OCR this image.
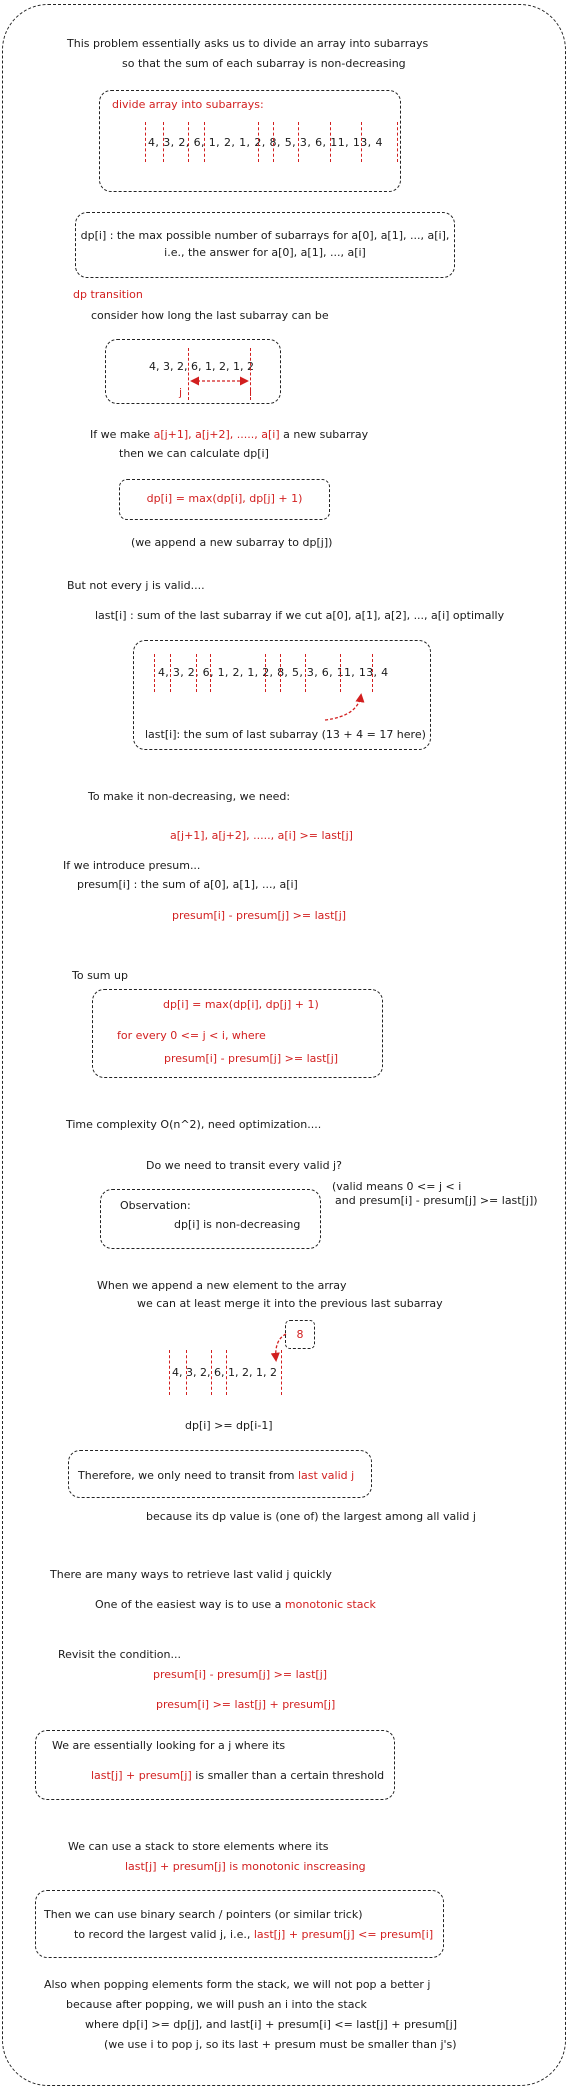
This problem essentially asks us to divide an array into subarrays
so that the sum of each subarray is non-decreasing
divide array into subarrays:
4, 3, 2, 6, 1, 2, 1, 2, 8, 5, 3, 6, 11, 13, 4
dp[i] : the max possible number of subarrays for a[0], a[1], ..., a[i],
i.e., the answer for a[0], a[1], ..., a[i]
dp transition
consider how long the last subarray can be
4, 3, 2, 6, 1, 2, 1, 2
j	i
If we make a[j+1], a[j+2], ....., a[i] a new subarray
then we can calculate dp[i]
dp[i] = max(dp[i], dp[j] + 1)
(we append a new subarray to dp[j])
But not every j is valid....
last[i] : sum of the last subarray if we cut a[0], a[1], a[2], ..., a[i] optimally
4, 3, 2, 6, 1, 2, 1, 2, 8, 5, 3, 6, 11, 13, 4
last[i]: the sum of last subarray (13 + 4 = 17 here)
To make it non-decreasing, we need:
a[j+1], a[j+2], ....., a[i] >= last[j]
If we introduce presum...
presum[i] : the sum of a[0], a[1], ..., a[i]
presum[i] - presum[j] >= last[j]
To sum up
dp[i] = max(dp[i], dp[j] + 1)
for every 0 <= j < i, where
presum[i] - presum[j] >= last[j]
Time complexity O(n^2), need optimization....
Do we need to transit every valid j?
(valid means 0 <= j < i
and presum[i] - presum[j] >= last[j])
Observation:
dp[i] is non-decreasing
When we append a new element to the array
we can at least merge it into the previous last subarray
8
4, 3, 2, 6, 1, 2, 1, 2
dp[i] >= dp[i-1]
Therefore, we only need to transit from last valid j
because its dp value is (one of) the largest among all valid j
There are many ways to retrieve last valid j quickly
One of the easiest way is to use a monotonic stack
Revisit the condition...
presum[i] - presum[j] >= last[j]
presum[i] >= last[j] + presum[j]
We are essentially looking for a j where its
last[j] + presum[j] is smaller than a certain threshold
We can use a stack to store elements where its
last[j] + presum[j] is monotonic inscreasing
Then we can use binary search / pointers (or similar trick)
to record the largest valid j, i.e., last[j] + presum[j] <= presum[i]
Also when popping elements form the stack, we will not pop a better j
because after popping, we will push an i into the stack
where dp[i] >= dp[j], and last[i] + presum[i] <= last[j] + presum[j]
(we use i to pop j, so its last + presum must be smaller than j's)
